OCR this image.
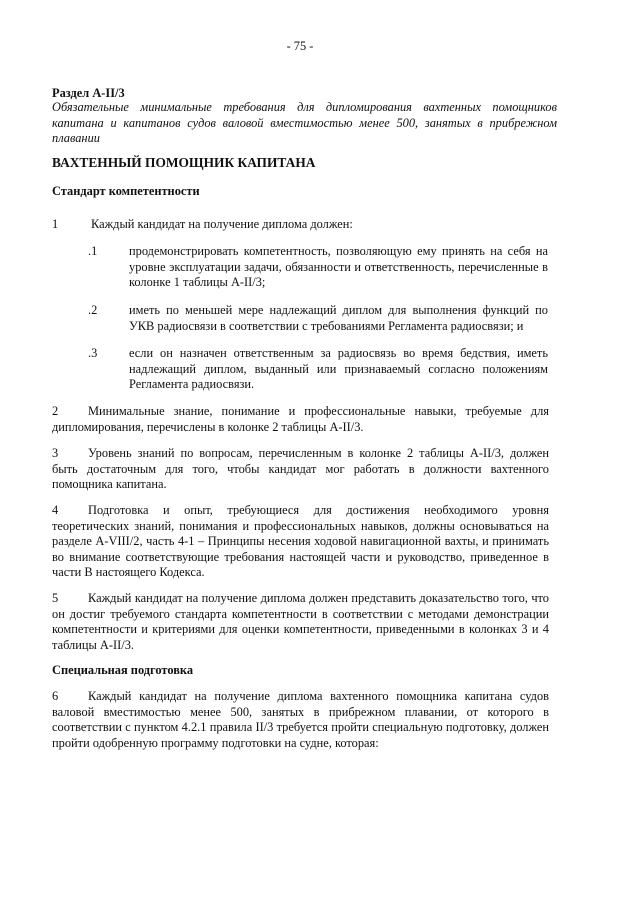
- 75 -
Раздел A-II/3
Обязательные минимальные требования для дипломирования вахтенных помощников капитана и капитанов судов валовой вместимостью менее 500, занятых в прибрежном плавании
ВАХТЕННЫЙ ПОМОЩНИК КАПИТАНА
Стандарт компетентности
1	Каждый кандидат на получение диплома должен:
.1	продемонстрировать компетентность, позволяющую ему принять на себя на уровне эксплуатации задачи, обязанности и ответственность, перечисленные в колонке 1 таблицы A-II/3;
.2	иметь по меньшей мере надлежащий диплом для выполнения функций по УКВ радиосвязи в соответствии с требованиями Регламента радиосвязи; и
.3	если он назначен ответственным за радиосвязь во время бедствия, иметь надлежащий диплом, выданный или признаваемый согласно положениям Регламента радиосвязи.
2 Минимальные знание, понимание и профессиональные навыки, требуемые для дипломирования, перечислены в колонке 2 таблицы A-II/3.
3 Уровень знаний по вопросам, перечисленным в колонке 2 таблицы A-II/3, должен быть достаточным для того, чтобы кандидат мог работать в должности вахтенного помощника капитана.
4 Подготовка и опыт, требующиеся для достижения необходимого уровня теоретических знаний, понимания и профессиональных навыков, должны основываться на разделе A-VIII/2, часть 4-1 – Принципы несения ходовой навигационной вахты, и принимать во внимание соответствующие требования настоящей части и руководство, приведенное в части B настоящего Кодекса.
5 Каждый кандидат на получение диплома должен представить доказательство того, что он достиг требуемого стандарта компетентности в соответствии с методами демонстрации компетентности и критериями для оценки компетентности, приведенными в колонках 3 и 4 таблицы A-II/3.
Специальная подготовка
6 Каждый кандидат на получение диплома вахтенного помощника капитана судов валовой вместимостью менее 500, занятых в прибрежном плавании, от которого в соответствии с пунктом 4.2.1 правила II/3 требуется пройти специальную подготовку, должен пройти одобренную программу подготовки на судне, которая:
